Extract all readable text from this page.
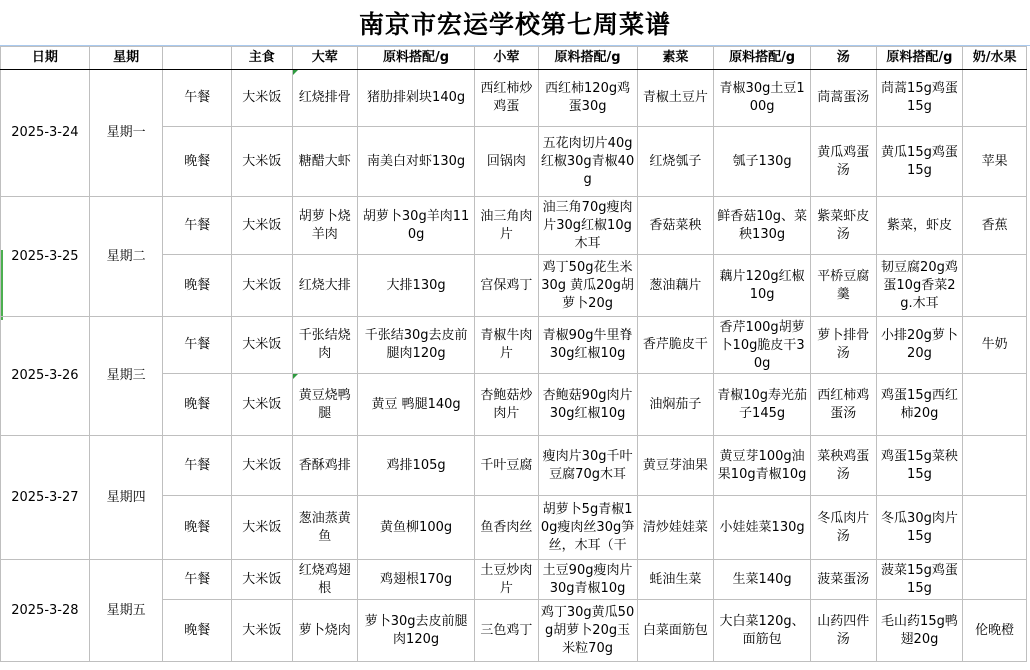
南京市宏运学校第七周菜谱
日期	星期		主食	大荤	原料搭配/g	小荤	原料搭配/g	素菜	原料搭配/g	汤	原料搭配/g	奶/水果
2025-3-24	星期一	午餐	大米饭	红烧排骨	猪肋排剁块140g	西红柿炒鸡蛋	西红柿120g鸡蛋30g	青椒土豆片	青椒30g土豆100g	茼蒿蛋汤	茼蒿15g鸡蛋15g	

		晚餐	大米饭	糖醋大虾	南美白对虾130g	回锅肉	五花肉切片40g红椒30g青椒40g	红烧瓠子	瓠子130g	黄瓜鸡蛋汤	黄瓜15g鸡蛋15g	苹果

2025-3-25	星期二	午餐	大米饭	胡萝卜烧羊肉	胡萝卜30g羊肉110g	油三角肉片	油三角70g瘦肉片30g红椒10g木耳	香菇菜秧	鲜香菇10g、菜秧130g	紫菜虾皮汤	紫菜，虾皮	香蕉

		晚餐	大米饭	红烧大排	大排130g	宫保鸡丁	鸡丁50g花生米30g 黄瓜20g胡萝卜20g	葱油藕片	藕片120g红椒10g	平桥豆腐羹	韧豆腐20g鸡蛋10g香菜2g.木耳	

2025-3-26	星期三	午餐	大米饭	千张结烧肉	千张结30g去皮前腿肉120g	青椒牛肉片	青椒90g牛里脊30g红椒10g	香芹脆皮干	香芹100g胡萝卜10g脆皮干30g	萝卜排骨汤	小排20g萝卜20g	牛奶

		晚餐	大米饭	黄豆烧鸭腿	黄豆 鸭腿140g	杏鲍菇炒肉片	杏鲍菇90g肉片30g红椒10g	油焖茄子	青椒10g寿光茄子145g	西红柿鸡蛋汤	鸡蛋15g西红柿20g	

2025-3-27	星期四	午餐	大米饭	香酥鸡排	鸡排105g	千叶豆腐	瘦肉片30g千叶豆腐70g木耳	黄豆芽油果	黄豆芽100g油果10g青椒10g	菜秧鸡蛋汤	鸡蛋15g菜秧15g	

		晚餐	大米饭	葱油蒸黄鱼	黄鱼柳100g	鱼香肉丝	胡萝卜5g青椒10g瘦肉丝30g笋丝，木耳（干	清炒娃娃菜	小娃娃菜130g	冬瓜肉片汤	冬瓜30g肉片15g	

2025-3-28	星期五	午餐	大米饭	红烧鸡翅根	鸡翅根170g	土豆炒肉片	土豆90g瘦肉片30g青椒10g	蚝油生菜	生菜140g	菠菜蛋汤	菠菜15g鸡蛋15g	

		晚餐	大米饭	萝卜烧肉	萝卜30g去皮前腿肉120g	三色鸡丁	鸡丁30g黄瓜50g胡萝卜20g玉米粒70g	白菜面筋包	大白菜120g、面筋包	山药四件汤	毛山药15g鸭翅20g	伦晚橙
